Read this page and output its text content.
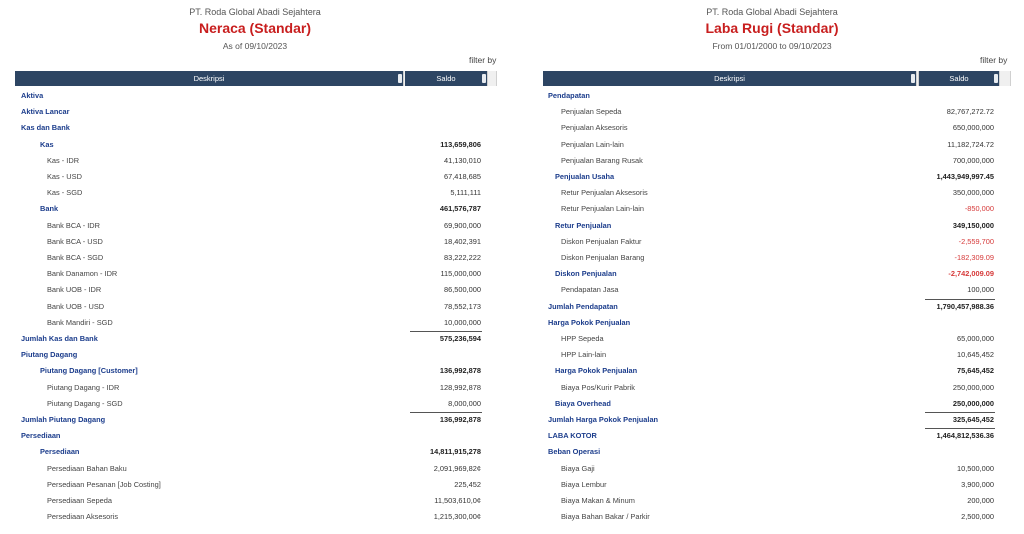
PT. Roda Global Abadi Sejahtera
Neraca (Standar)
As of 09/10/2023
filter by
Deskripsi	Saldo
Aktiva
Aktiva Lancar
Kas dan Bank
Kas	113,659,806
Kas - IDR	41,130,010
Kas - USD	67,418,685
Kas - SGD	5,111,111
Bank	461,576,787
Bank BCA - IDR	69,900,000
Bank BCA - USD	18,402,391
Bank BCA - SGD	83,222,222
Bank Danamon - IDR	115,000,000
Bank UOB - IDR	86,500,000
Bank UOB - USD	78,552,173
Bank Mandiri - SGD	10,000,000
Jumlah Kas dan Bank	575,236,594
Piutang Dagang
Piutang Dagang [Customer]	136,992,878
Piutang Dagang - IDR	128,992,878
Piutang Dagang - SGD	8,000,000
Jumlah Piutang Dagang	136,992,878
Persediaan
Persediaan	14,811,915,278
Persediaan Bahan Baku	2,091,969,82¢
Persediaan Pesanan [Job Costing]	225,452
Persediaan Sepeda	11,503,610,0¢
Persediaan Aksesoris	1,215,300,00¢
PT. Roda Global Abadi Sejahtera
Laba Rugi (Standar)
From 01/01/2000 to 09/10/2023
filter by
Deskripsi	Saldo
Pendapatan
Penjualan Sepeda	82,767,272.72
Penjualan Aksesoris	650,000,000
Penjualan Lain-lain	11,182,724.72
Penjualan Barang Rusak	700,000,000
Penjualan Usaha	1,443,949,997.45
Retur Penjualan Aksesoris	350,000,000
Retur Penjualan Lain-lain	-850,000
Retur Penjualan	349,150,000
Diskon Penjualan Faktur	-2,559,700
Diskon Penjualan Barang	-182,309.09
Diskon Penjualan	-2,742,009.09
Pendapatan Jasa	100,000
Jumlah Pendapatan	1,790,457,988.36
Harga Pokok Penjualan
HPP Sepeda	65,000,000
HPP Lain-lain	10,645,452
Harga Pokok Penjualan	75,645,452
Biaya Pos/Kurir Pabrik	250,000,000
Biaya Overhead	250,000,000
Jumlah Harga Pokok Penjualan	325,645,452
LABA KOTOR	1,464,812,536.36
Beban Operasi
Biaya Gaji	10,500,000
Biaya Lembur	3,900,000
Biaya Makan & Minum	200,000
Biaya Bahan Bakar / Parkir	2,500,000
